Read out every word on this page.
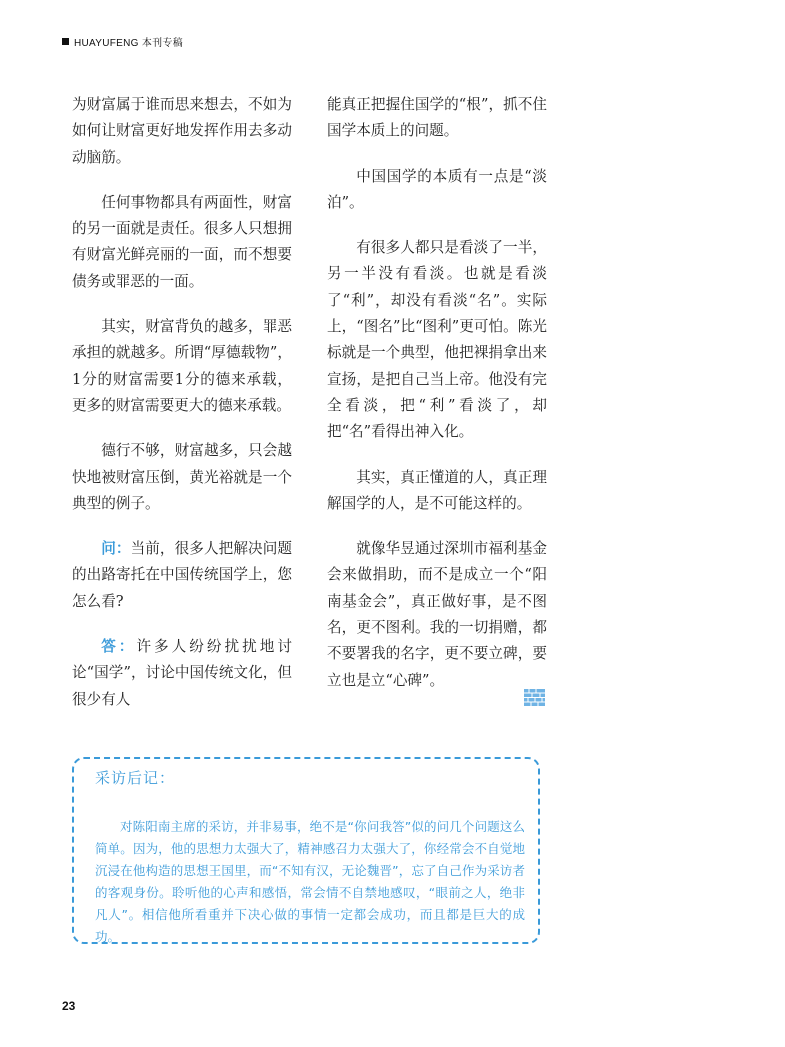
HUAYUFENG 本刊专稿

为财富属于谁而思来想去，不如为如何让财富更好地发挥作用去多动动脑筋。

任何事物都具有两面性，财富的另一面就是责任。很多人只想拥有财富光鲜亮丽的一面，而不想要债务或罪恶的一面。

其实，财富背负的越多，罪恶承担的就越多。所谓“厚德载物”，1分的财富需要1分的德来承载，更多的财富需要更大的德来承载。

德行不够，财富越多，只会越快地被财富压倒，黄光裕就是一个典型的例子。

问：当前，很多人把解决问题的出路寄托在中国传统国学上，您怎么看?

答：许多人纷纷扰扰地讨论“国学”，讨论中国传统文化，但很少有人

能真正把握住国学的“根”，抓不住国学本质上的问题。

中国国学的本质有一点是“淡泊”。

有很多人都只是看淡了一半，另一半没有看淡。也就是看淡了“利”，却没有看淡“名”。实际上，“图名”比“图利”更可怕。陈光标就是一个典型，他把裸捐拿出来宣扬，是把自己当上帝。他没有完全看淡，把“利”看淡了，却把“名”看得出神入化。

其实，真正懂道的人，真正理解国学的人，是不可能这样的。

就像华昱通过深圳市福利基金会来做捐助，而不是成立一个“阳南基金会”，真正做好事，是不图名，更不图利。我的一切捐赠，都不要署我的名字，更不要立碑，要立也是立“心碑”。

采访后记：

对陈阳南主席的采访，并非易事，绝不是“你问我答”似的问几个问题这么简单。因为，他的思想力太强大了，精神感召力太强大了，你经常会不自觉地沉浸在他构造的思想王国里，而“不知有汉，无论魏晋”，忘了自己作为采访者的客观身份。聆听他的心声和感悟，常会情不自禁地感叹，“眼前之人，绝非凡人”。相信他所看重并下决心做的事情一定都会成功，而且都是巨大的成功。

23
